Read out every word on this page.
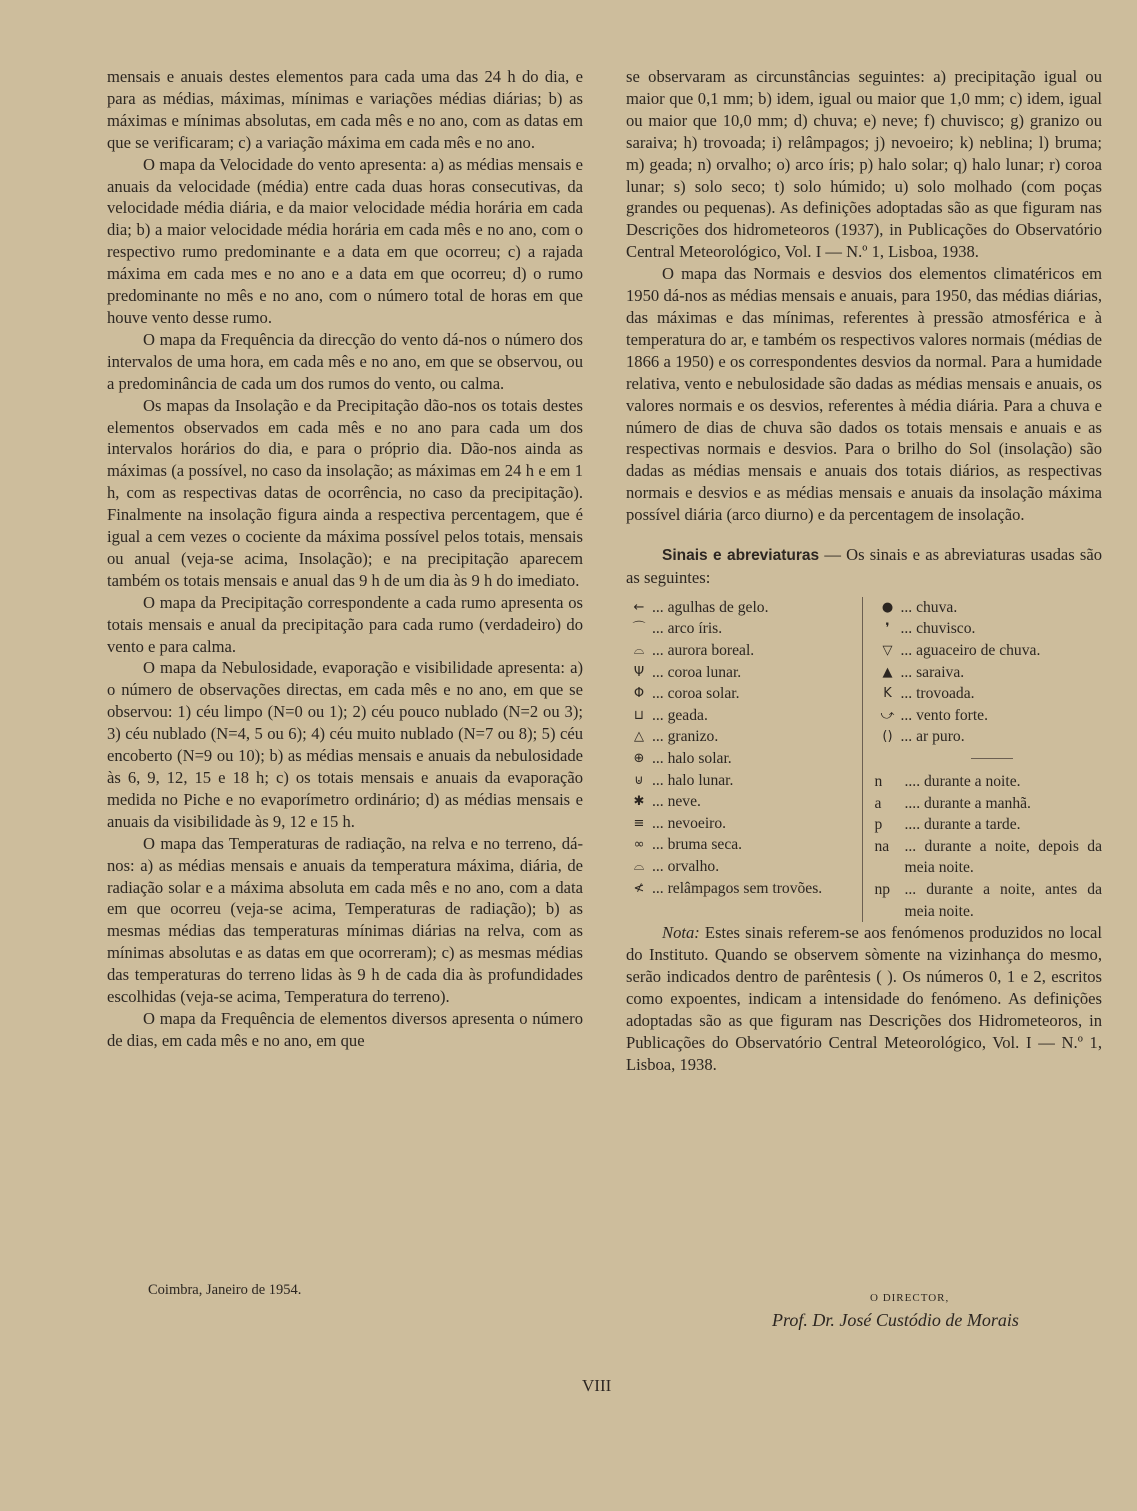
mensais e anuais destes elementos para cada uma das 24 h do dia, e para as médias, máximas, mínimas e variações médias diárias; b) as máximas e mínimas absolutas, em cada mês e no ano, com as datas em que se verificaram; c) a variação máxima em cada mês e no ano.

O mapa da Velocidade do vento apresenta: a) as médias mensais e anuais da velocidade (média) entre cada duas horas consecutivas, da velocidade média diária, e da maior velocidade média horária em cada dia; b) a maior velocidade média horária em cada mês e no ano, com o respectivo rumo predominante e a data em que ocorreu; c) a rajada máxima em cada mes e no ano e a data em que ocorreu; d) o rumo predominante no mês e no ano, com o número total de horas em que houve vento desse rumo.

O mapa da Frequência da direcção do vento dá-nos o número dos intervalos de uma hora, em cada mês e no ano, em que se observou, ou a predominância de cada um dos rumos do vento, ou calma.

Os mapas da Insolação e da Precipitação dão-nos os totais destes elementos observados em cada mês e no ano para cada um dos intervalos horários do dia, e para o próprio dia. Dão-nos ainda as máximas (a possível, no caso da insolação; as máximas em 24 h e em 1 h, com as respectivas datas de ocorrência, no caso da precipitação). Finalmente na insolação figura ainda a respectiva percentagem, que é igual a cem vezes o cociente da máxima possível pelos totais, mensais ou anual (veja-se acima, Insolação); e na precipitação aparecem também os totais mensais e anual das 9 h de um dia às 9 h do imediato.

O mapa da Precipitação correspondente a cada rumo apresenta os totais mensais e anual da precipitação para cada rumo (verdadeiro) do vento e para calma.

O mapa da Nebulosidade, evaporação e visibilidade apresenta: a) o número de observações directas, em cada mês e no ano, em que se observou: 1) céu limpo (N=0 ou 1); 2) céu pouco nublado (N=2 ou 3); 3) céu nublado (N=4, 5 ou 6); 4) céu muito nublado (N=7 ou 8); 5) céu encoberto (N=9 ou 10); b) as médias mensais e anuais da nebulosidade às 6, 9, 12, 15 e 18 h; c) os totais mensais e anuais da evaporação medida no Piche e no evaporímetro ordinário; d) as médias mensais e anuais da visibilidade às 9, 12 e 15 h.

O mapa das Temperaturas de radiação, na relva e no terreno, dá-nos: a) as médias mensais e anuais da temperatura máxima, diária, de radiação solar e a máxima absoluta em cada mês e no ano, com a data em que ocorreu (veja-se acima, Temperaturas de radiação); b) as mesmas médias das temperaturas mínimas diárias na relva, com as mínimas absolutas e as datas em que ocorreram); c) as mesmas médias das temperaturas do terreno lidas às 9 h de cada dia às profundidades escolhidas (veja-se acima, Temperatura do terreno).

O mapa da Frequência de elementos diversos apresenta o número de dias, em cada mês e no ano, em que

se observaram as circunstâncias seguintes: a) precipitação igual ou maior que 0,1 mm; b) idem, igual ou maior que 1,0 mm; c) idem, igual ou maior que 10,0 mm; d) chuva; e) neve; f) chuvisco; g) granizo ou saraiva; h) trovoada; i) relâmpagos; j) nevoeiro; k) neblina; l) bruma; m) geada; n) orvalho; o) arco íris; p) halo solar; q) halo lunar; r) coroa lunar; s) solo seco; t) solo húmido; u) solo molhado (com poças grandes ou pequenas). As definições adoptadas são as que figuram nas Descrições dos hidrometeoros (1937), in Publicações do Observatório Central Meteorológico, Vol. I — N.º 1, Lisboa, 1938.

O mapa das Normais e desvios dos elementos climatéricos em 1950 dá-nos as médias mensais e anuais, para 1950, das médias diárias, das máximas e das mínimas, referentes à pressão atmosférica e à temperatura do ar, e também os respectivos valores normais (médias de 1866 a 1950) e os correspondentes desvios da normal. Para a humidade relativa, vento e nebulosidade são dadas as médias mensais e anuais, os valores normais e os desvios, referentes à média diária. Para a chuva e número de dias de chuva são dados os totais mensais e anuais e as respectivas normais e desvios. Para o brilho do Sol (insolação) são dadas as médias mensais e anuais dos totais diários, as respectivas normais e desvios e as médias mensais e anuais da insolação máxima possível diária (arco diurno) e da percentagem de insolação.

Sinais e abreviaturas — Os sinais e as abreviaturas usadas são as seguintes:

← ... agulhas de gelo.
⌒ ... arco íris.
⌓ ... aurora boreal.
Ψ ... coroa lunar.
Φ ... coroa solar.
⊔ ... geada.
△ ... granizo.
⊕ ... halo solar.
⊍ ... halo lunar.
✱ ... neve.
≡ ... nevoeiro.
∞ ... bruma seca.
⌓ ... orvalho.
≮ ... relâmpagos sem trovões.
● ... chuva.
❜ ... chuvisco.
▽ ... aguaceiro de chuva.
▲ ... saraiva.
K ... trovoada.
⤻ ... vento forte.
() ... ar puro.
n	.... durante a noite.
a	.... durante a manhã.
p	.... durante a tarde.
na ... durante a noite, depois da meia noite.
np ... durante a noite, antes da meia noite.

Nota: Estes sinais referem-se aos fenómenos produzidos no local do Instituto. Quando se observem sòmente na vizinhança do mesmo, serão indicados dentro de parêntesis ( ). Os números 0, 1 e 2, escritos como expoentes, indicam a intensidade do fenómeno. As definições adoptadas são as que figuram nas Descrições dos Hidrometeoros, in Publicações do Observatório Central Meteorológico, Vol. I — N.º 1, Lisboa, 1938.

Coimbra, Janeiro de 1954.	O DIRECTOR,
Prof. Dr. José Custódio de Morais
VIII
